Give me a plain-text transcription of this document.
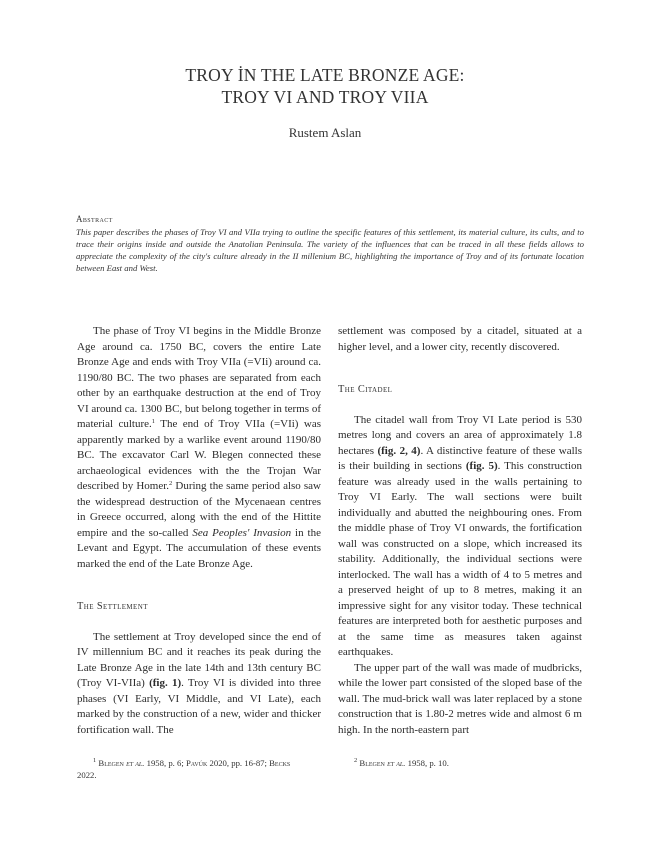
TROY İN THE LATE BRONZE AGE:
TROY VI AND TROY VIIA
Rustem Aslan
Abstract
This paper describes the phases of Troy VI and VIIa trying to outline the specific features of this settlement, its material culture, its cults, and to trace their origins inside and outside the Anatolian Peninsula. The variety of the influences that can be traced in all these fields allows to appreciate the complexity of the city's culture already in the II millenium BC, highlighting the importance of Troy and of its fortunate location between East and West.

The phase of Troy VI begins in the Middle Bronze Age around ca. 1750 BC, covers the entire Late Bronze Age and ends with Troy VIIa (=VIi) around ca. 1190/80 BC. The two phases are separated from each other by an earthquake destruction at the end of Troy VI around ca. 1300 BC, but belong together in terms of material culture.$^1$ The end of Troy VIIa (=VIi) was apparently marked by a warlike event around 1190/80 BC. The excavator Carl W. Blegen connected these archaeological evidences with the the Trojan War described by Homer.$^2$ During the same period also saw the widespread destruction of the Mycenaean centres in Greece occurred, along with the end of the Hittite empire and the so-called Sea Peoples' Invasion in the Levant and Egypt. The accumulation of these events marked the end of the Late Bronze Age.

The Settlement

The settlement at Troy developed since the end of IV millennium BC and it reaches its peak during the Late Bronze Age in the late 14th and 13th century BC (Troy VI-VIIa) (fig. 1). Troy VI is divided into three phases (VI Early, VI Middle, and VI Late), each marked by the construction of a new, wider and thicker fortification wall. The

settlement was composed by a citadel, situated at a higher level, and a lower city, recently discovered.

The Citadel

The citadel wall from Troy VI Late period is 530 metres long and covers an area of approximately 1.8 hectares (fig. 2, 4). A distinctive feature of these walls is their building in sections (fig. 5). This construction feature was already used in the walls pertaining to Troy VI Early. The wall sections were built individually and abutted the neighbouring ones. From the middle phase of Troy VI onwards, the fortification wall was constructed on a slope, which increased its stability. Additionally, the individual sections were interlocked. The wall has a width of 4 to 5 metres and a preserved height of up to 8 metres, making it an impressive sight for any visitor today. These technical features are interpreted both for aesthetic purposes and at the same time as measures taken against earthquakes.

The upper part of the wall was made of mudbricks, while the lower part consisted of the sloped base of the wall. The mud-brick wall was later replaced by a stone construction that is 1.80-2 metres wide and almost 6 m high. In the north-eastern part

$^1$ Blegen et al. 1958, p. 6; Pavúk 2020, pp. 16-87; Becks
2022.
$^2$ Blegen et al. 1958, p. 10.
